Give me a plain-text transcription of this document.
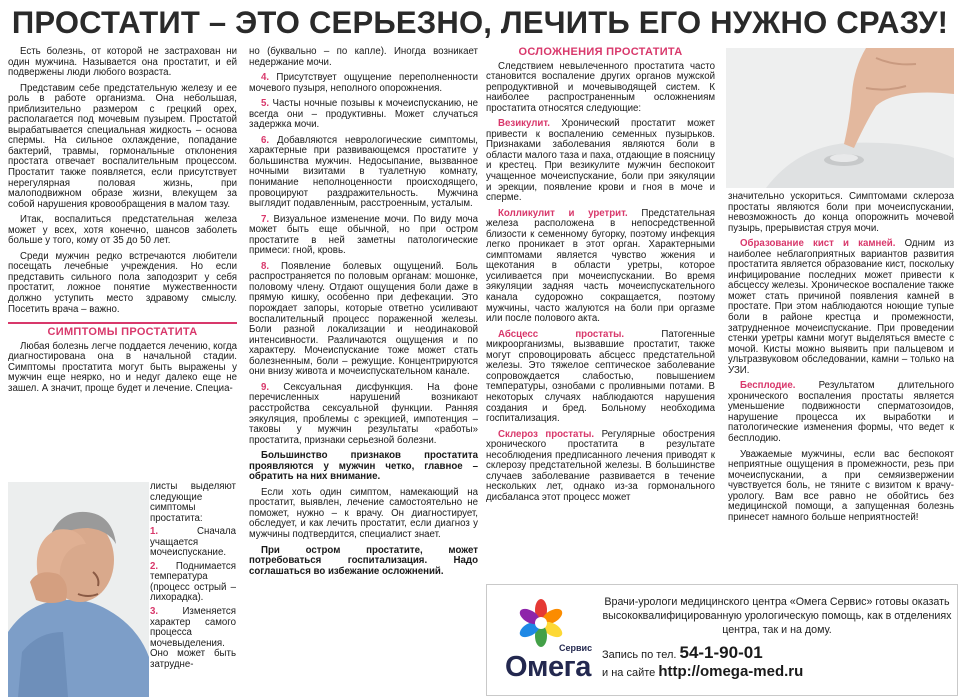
ПРОСТАТИТ – ЭТО СЕРЬЕЗНО, ЛЕЧИТЬ ЕГО НУЖНО СРАЗУ!

Есть болезнь, от которой не застрахован ни один мужчина. Называется она простатит, и ей подвержены люди любого возраста.

Представим себе предстательную железу и ее роль в работе организма. Она небольшая, приблизительно размером с грецкий орех, располагается под мочевым пузырем. Простатой вырабатывается специальная жидкость – основа спермы. На сильное охлаждение, попадание бактерий, травмы, гормональные отклонения простата отвечает воспалительным процессом. Простатит также появляется, если присутствует нерегулярная половая жизнь, при малоподвижном образе жизни, влекущем за собой нарушения кровообращения в малом тазу.

Итак, воспалиться предстательная железа может у всех, хотя конечно, шансов заболеть больше у того, кому от 35 до 50 лет.

Среди мужчин редко встречаются любители посещать лечебные учреждения. Но если представить сильного пола заподозрит у себя простатит, ложное понятие мужественности должно уступить место здравому смыслу. Посетить врача – важно.

СИМПТОМЫ ПРОСТАТИТА

Любая болезнь легче поддается лечению, когда диагностирована она в начальной стадии. Симптомы простатита могут быть выражены у мужчин еще неярко, но и недуг далеко еще не зашел. А значит, проще будет и лечение. Специа-

листы выделяют следующие симптомы простатита:

1.	Сначала учащается мочеиспускание.

2. Поднимается температура (процесс острый – лихорадка).

3.	Изменяется характер самого процесса мочевыделения. Оно может быть затрудне-

но (буквально – по капле). Иногда возникает недержание мочи.

4. Присутствует ощущение переполненности мочевого пузыря, неполного опорожнения.

5. Часты ночные позывы к мочеиспусканию, не всегда они – продуктивны. Может случаться задержка мочи.

6. Добавляются неврологические симптомы, характерные при развивающемся простатите у большинства мужчин. Недосыпание, вызванное ночными визитами в туалетную комнату, понимание неполноценности происходящего, провоцируют раздражительность. Мужчина выглядит подавленным, расстроенным, усталым.

7. Визуальное изменение мочи. По виду моча может быть еще обычной, но при остром простатите в ней заметны патологические примеси: гной, кровь.

8. Появление болевых ощущений. Боль распространяется по половым органам: мошонке, половому члену. Отдают ощущения боли даже в прямую кишку, особенно при дефекации. Это порождает запоры, которые ответно усиливают воспалительный процесс пораженной железы. Боли разной локализации и неодинаковой интенсивности. Различаются ощущения и по характеру. Мочеиспускание тоже может стать болезненным, боли – режущие. Концентрируются они внизу живота и мочеиспускательном канале.

9. Сексуальная дисфункция. На фоне перечисленных нарушений возникают расстройства сексуальной функции. Ранняя эякуляция, проблемы с эрекцией, импотенция – таковы у мужчин результаты «работы» простатита, признаки серьезной болезни.

Большинство признаков простатита проявляются у мужчин четко, главное – обратить на них внимание.

Если хоть один симптом, намекающий на простатит, выявлен, лечение самостоятельно не поможет, нужно – к врачу. Он диагностирует, обследует, и как лечить простатит, если диагноз у мужчины подтвердится, специалист знает.

При остром простатите, может потребоваться госпитализация. Надо соглашаться во избежание осложнений.

ОСЛОЖНЕНИЯ ПРОСТАТИТА

Следствием невылеченного простатита часто становится воспаление других органов мужской репродуктивной и мочевыводящей систем. К наиболее распространенным осложнениям простатита относятся следующие:

Везикулит. Хронический простатит может привести к воспалению семенных пузырьков. Признаками заболевания являются боли в области малого таза и паха, отдающие в поясницу и крестец. При везикулите мужчин беспокоит учащенное мочеиспускание, боли при эякуляции и эрекции, появление крови и гноя в моче и сперме.

Колликулит и уретрит. Предстательная железа расположена в непосредственной близости к семенному бугорку, поэтому инфекция легко проникает в этот орган. Характерными симптомами является чувство жжения и щекотания в области уретры, которое усиливается при мочеиспускании. Во время эякуляции задняя часть мочеиспускательного канала судорожно сокращается, поэтому мужчины, часто жалуются на боли при оргазме или после полового акта.

Абсцесс простаты.	Патогенные микроорганизмы, вызвавшие простатит, также могут спровоцировать абсцесс предстательной железы. Это тяжелое септическое заболевание сопровождается слабостью, повышением температуры, ознобами с проливными потами. В некоторых случаях наблюдаются нарушения создания и бред. Больному необходима госпитализация.

Склероз простаты. Регулярные обострения хронического простатита в результате несоблюдения предписанного лечения приводят к склерозу предстательной железы. В большинстве случаев заболевание развивается в течение нескольких лет, однако из-за гормонального дисбаланса этот процесс может

значительно ускориться. Симптомами склероза простаты являются боли при мочеиспускании, невозможность до конца опорожнить мочевой пузырь, прерывистая струя мочи.

Образование кист и камней. Одним из наиболее неблагоприятных вариантов развития простатита является образование кист, поскольку инфицирование последних может привести к абсцессу железы. Хроническое воспаление также может стать причиной появления камней в простате. При этом наблюдаются ноющие тупые боли в районе крестца и промежности, затрудненное мочеиспускание. При проведении стенки уретры камни могут выделяться вместе с мочой. Кисты можно выявить при пальцевом и ультразвуковом обследовании, камни – только на УЗИ.

Бесплодие. Результатом длительного хронического воспаления простаты является уменьшение подвижности сперматозоидов, нарушение процесса их выработки и патологические изменения формы, что ведет к бесплодию.

Уважаемые мужчины, если вас беспокоят неприятные ощущения в промежности, резь при мочеиспускании, а при семяизвержении чувствуется боль, не тяните с визитом к врачу-урологу. Вам все равно не обойтись без медицинской помощи, а запущенная болезнь принесет намного больше неприятностей!

Сервис
Омега
Врачи-урологи медицинского центра «Омега Сервис» готовы оказать высококвалифицированную урологическую помощь, как в отделениях центра, так и на дому.
Запись по тел. 54-1-90-01
и на сайте http://omega-med.ru
